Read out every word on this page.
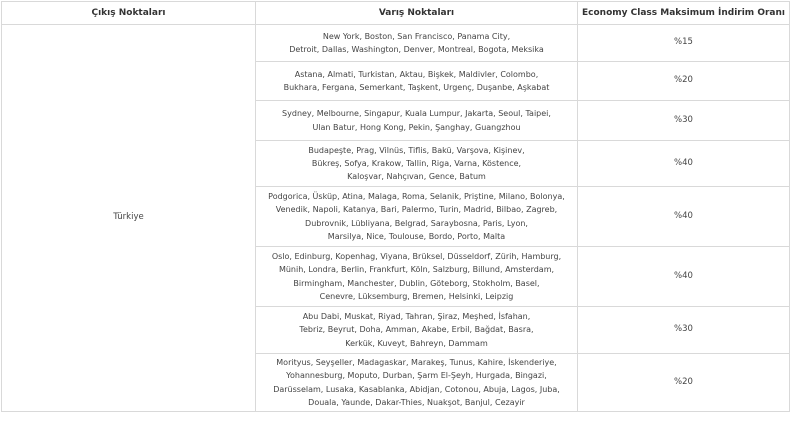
Çıkış Noktaları	Varış Noktaları	Economy Class Maksimum İndirim Oranı
Türkiye	New York, Boston, San Francisco, Panama City,
Detroit, Dallas, Washington, Denver, Montreal, Bogota, Meksika	%15

	Astana, Almati, Turkistan, Aktau, Bişkek, Maldivler, Colombo,
Bukhara, Fergana, Semerkant, Taşkent, Urgenç, Duşanbe, Aşkabat	%20

	Sydney, Melbourne, Singapur, Kuala Lumpur, Jakarta, Seoul, Taipei,
Ulan Batur, Hong Kong, Pekin, Şanghay, Guangzhou	%30

	Budapeşte, Prag, Vilnüs, Tiflis, Bakü, Varşova, Kişinev,
Bükreş, Sofya, Krakow, Tallin, Riga, Varna, Köstence,
Kaloşvar, Nahçıvan, Gence, Batum	%40

	Podgorica, Üsküp, Atina, Malaga, Roma, Selanik, Priştine, Milano, Bolonya,
Venedik, Napoli, Katanya, Bari, Palermo, Turin, Madrid, Bilbao, Zagreb,
Dubrovnik, Lübliyana, Belgrad, Saraybosna, Paris, Lyon,
Marsilya, Nice, Toulouse, Bordo, Porto, Malta	%40

	Oslo, Edinburg, Kopenhag, Viyana, Brüksel, Düsseldorf, Zürih, Hamburg,
Münih, Londra, Berlin, Frankfurt, Köln, Salzburg, Billund, Amsterdam,
Birmingham, Manchester, Dublin, Göteborg, Stokholm, Basel,
Cenevre, Lüksemburg, Bremen, Helsinki, Leipzig	%40

	Abu Dabi, Muskat, Riyad, Tahran, Şiraz, Meşhed, İsfahan,
Tebriz, Beyrut, Doha, Amman, Akabe, Erbil, Bağdat, Basra,
Kerkük, Kuveyt, Bahreyn, Dammam	%30

	Morityus, Seyşeller, Madagaskar, Marakeş, Tunus, Kahire, İskenderiye,
Yohannesburg, Moputo, Durban, Şarm El-Şeyh, Hurgada, Bingazi,
Darüsselam, Lusaka, Kasablanka, Abidjan, Cotonou, Abuja, Lagos, Juba,
Douala, Yaunde, Dakar-Thies, Nuakşot, Banjul, Cezayir	%20
